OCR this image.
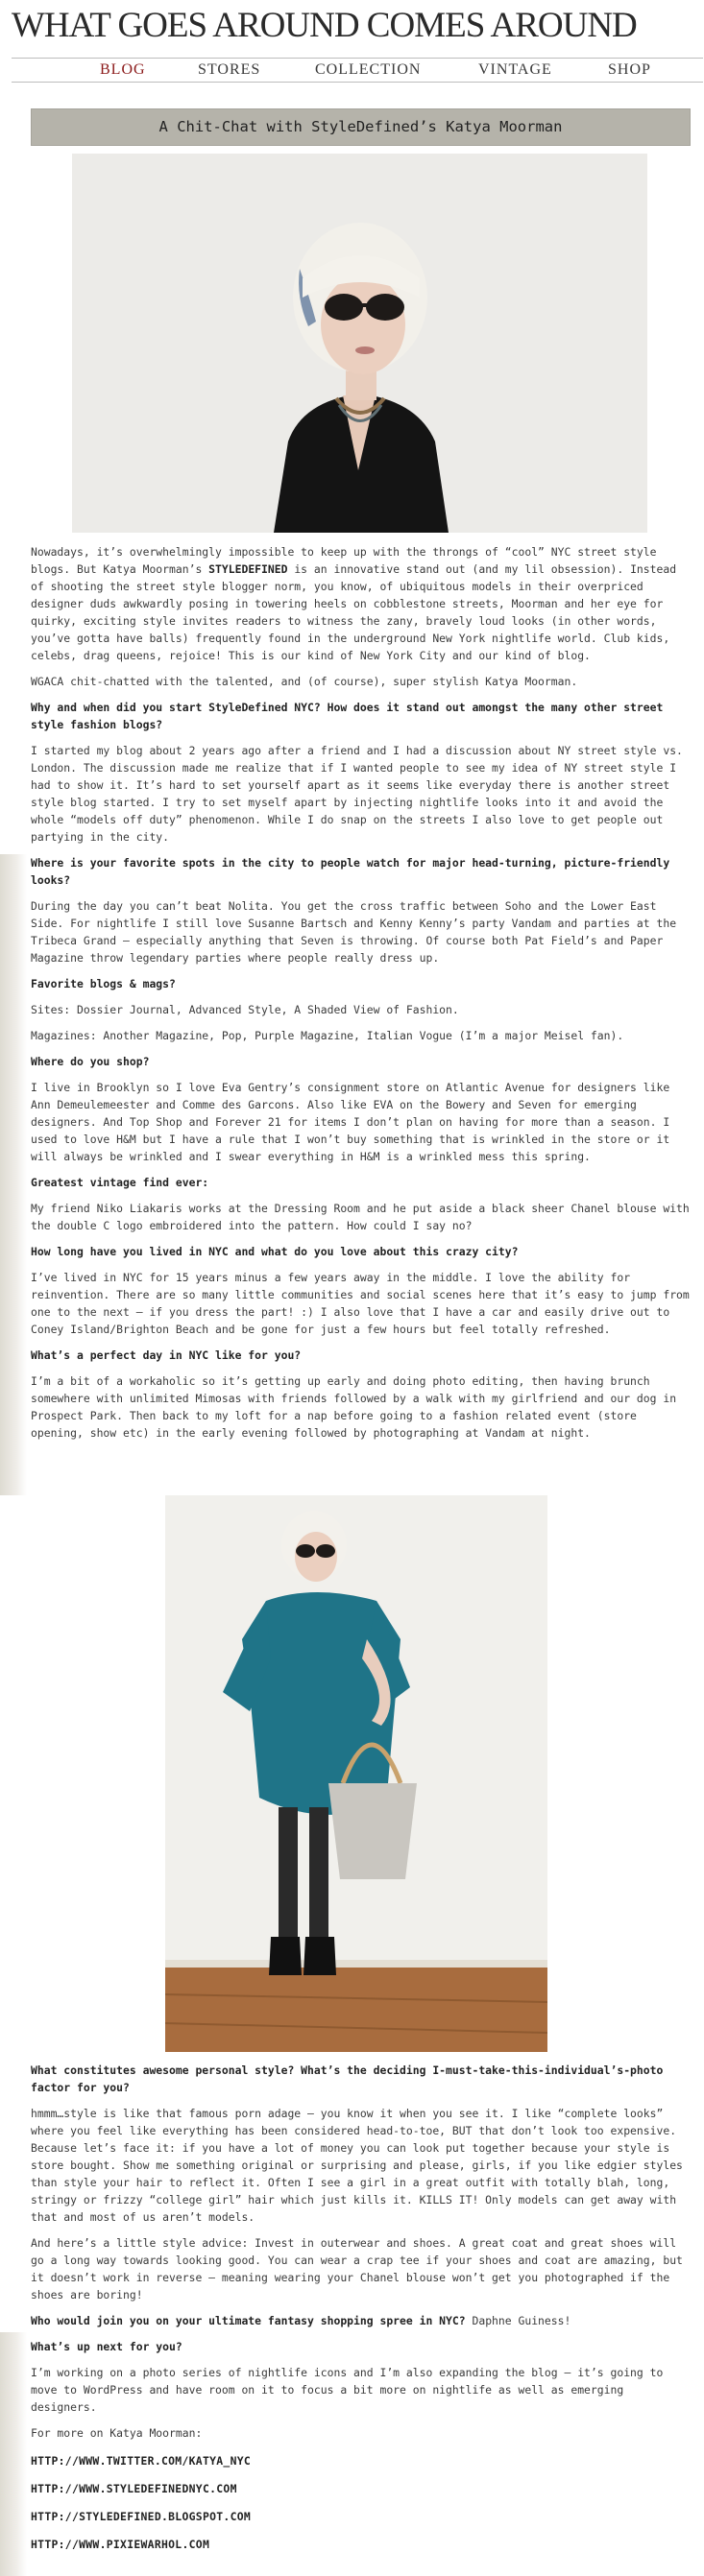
WHAT GOES AROUND COMES AROUND
BLOG	STORES	COLLECTION	VINTAGE	SHOP
A Chit-Chat with StyleDefined’s Katya Moorman

Nowadays, it’s overwhelmingly impossible to keep up with the throngs of “cool” NYC street style blogs. But Katya Moorman’s STYLEDEFINED is an innovative stand out (and my lil obsession). Instead of shooting the street style blogger norm, you know, of ubiquitous models in their overpriced designer duds awkwardly posing in towering heels on cobblestone streets, Moorman and her eye for quirky, exciting style invites readers to witness the zany, bravely loud looks (in other words, you’ve gotta have balls) frequently found in the underground New York nightlife world. Club kids, celebs, drag queens, rejoice! This is our kind of New York City and our kind of blog.

WGACA chit-chatted with the talented, and (of course), super stylish Katya Moorman.

Why and when did you start StyleDefined NYC? How does it stand out amongst the many other street style fashion blogs?

I started my blog about 2 years ago after a friend and I had a discussion about NY street style vs. London. The discussion made me realize that if I wanted people to see my idea of NY street style I had to show it. It’s hard to set yourself apart as it seems like everyday there is another street style blog started. I try to set myself apart by injecting nightlife looks into it and avoid the whole “models off duty” phenomenon. While I do snap on the streets I also love to get people out partying in the city.

Where is your favorite spots in the city to people watch for major head-turning, picture-friendly looks?

During the day you can’t beat Nolita. You get the cross traffic between Soho and the Lower East Side. For nightlife I still love Susanne Bartsch and Kenny Kenny’s party Vandam and parties at the Tribeca Grand – especially anything that Seven is throwing. Of course both Pat Field’s and Paper Magazine throw legendary parties where people really dress up.

Favorite blogs & mags?

Sites: Dossier Journal, Advanced Style, A Shaded View of Fashion.

Magazines: Another Magazine, Pop, Purple Magazine, Italian Vogue (I’m a major Meisel fan).

Where do you shop?

I live in Brooklyn so I love Eva Gentry’s consignment store on Atlantic Avenue for designers like Ann Demeulemeester and Comme des Garcons. Also like EVA on the Bowery and Seven for emerging designers. And Top Shop and Forever 21 for items I don’t plan on having for more than a season. I used to love H&M but I have a rule that I won’t buy something that is wrinkled in the store or it will always be wrinkled and I swear everything in H&M is a wrinkled mess this spring.

Greatest vintage find ever:

My friend Niko Liakaris works at the Dressing Room and he put aside a black sheer Chanel blouse with the double C logo embroidered into the pattern. How could I say no?

How long have you lived in NYC and what do you love about this crazy city?

I’ve lived in NYC for 15 years minus a few years away in the middle. I love the ability for reinvention. There are so many little communities and social scenes here that it’s easy to jump from one to the next – if you dress the part! :) I also love that I have a car and easily drive out to Coney Island/Brighton Beach and be gone for just a few hours but feel totally refreshed.

What’s a perfect day in NYC like for you?

I’m a bit of a workaholic so it’s getting up early and doing photo editing, then having brunch somewhere with unlimited Mimosas with friends followed by a walk with my girlfriend and our dog in Prospect Park. Then back to my loft for a nap before going to a fashion related event (store opening, show etc) in the early evening followed by photographing at Vandam at night.

What constitutes awesome personal style? What’s the deciding I-must-take-this-individual’s-photo factor for you?

hmmm…style is like that famous porn adage – you know it when you see it. I like “complete looks” where you feel like everything has been considered head-to-toe, BUT that don’t look too expensive. Because let’s face it: if you have a lot of money you can look put together because your style is store bought. Show me something original or surprising and please, girls, if you like edgier styles than style your hair to reflect it. Often I see a girl in a great outfit with totally blah, long, stringy or frizzy “college girl” hair which just kills it. KILLS IT! Only models can get away with that and most of us aren’t models.

And here’s a little style advice: Invest in outerwear and shoes. A great coat and great shoes will go a long way towards looking good. You can wear a crap tee if your shoes and coat are amazing, but it doesn’t work in reverse – meaning wearing your Chanel blouse won’t get you photographed if the shoes are boring!

Who would join you on your ultimate fantasy shopping spree in NYC? Daphne Guiness!

What’s up next for you?

I’m working on a photo series of nightlife icons and I’m also expanding the blog – it’s going to move to WordPress and have room on it to focus a bit more on nightlife as well as emerging designers.

For more on Katya Moorman:

HTTP://WWW.TWITTER.COM/KATYA_NYC

HTTP://WWW.STYLEDEFINEDNYC.COM

HTTP://STYLEDEFINED.BLOGSPOT.COM

HTTP://WWW.PIXIEWARHOL.COM
